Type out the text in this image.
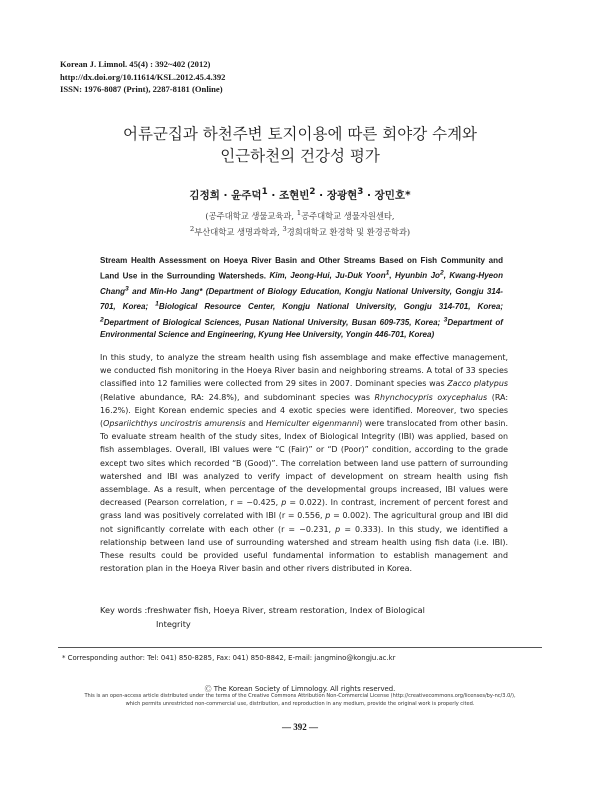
Korean J. Limnol. 45(4) : 392~402 (2012)
http://dx.doi.org/10.11614/KSL.2012.45.4.392
ISSN: 1976-8087 (Print), 2287-8181 (Online)
어류군집과 하천주변 토지이용에 따른 회야강 수계와
인근하천의 건강성 평가
김정희 · 윤주덕$^1$ · 조현빈$^2$ · 장광현$^3$ · 장민호*
(공주대학교 생물교육과, $^1$공주대학교 생물자원센타,
$^2$부산대학교 생명과학과, $^3$경희대학교 환경학 및 환경공학과)
Stream Health Assessment on Hoeya River Basin and Other Streams Based on Fish Community and Land Use in the Surrounding Watersheds. Kim, Jeong-Hui, Ju-Duk Yoon$^1$, Hyunbin Jo$^2$, Kwang-Hyeon Chang$^3$ and Min-Ho Jang* (Department of Biology Education, Kongju National University, Gongju 314-701, Korea; $^1$Biological Resource Center, Kongju National University, Gongju 314-701, Korea; $^2$Department of Biological Sciences, Pusan National University, Busan 609-735, Korea; $^3$Department of Environmental Science and Engineering, Kyung Hee University, Yongin 446-701, Korea)
In this study, to analyze the stream health using fish assemblage and make effective management, we conducted fish monitoring in the Hoeya River basin and neighboring streams. A total of 33 species classified into 12 families were collected from 29 sites in 2007. Dominant species was Zacco platypus (Relative abundance, RA: 24.8%), and subdominant species was Rhynchocypris oxycephalus (RA: 16.2%). Eight Korean endemic species and 4 exotic species were identified. Moreover, two species (Opsariichthys uncirostris amurensis and Hemiculter eigenmanni) were translocated from other basin. To evaluate stream health of the study sites, Index of Biological Integrity (IBI) was applied, based on fish assemblages. Overall, IBI values were “C (Fair)” or “D (Poor)” condition, according to the grade except two sites which recorded “B (Good)”. The correlation between land use pattern of surrounding watershed and IBI was analyzed to verify impact of development on stream health using fish assemblage. As a result, when percentage of the developmental groups increased, IBI values were decreased (Pearson correlation, r = −0.425, p = 0.022). In contrast, increment of percent forest and grass land was positively correlated with IBI (r = 0.556, p = 0.002). The agricultural group and IBI did not significantly correlate with each other (r = −0.231, p = 0.333). In this study, we identified a relationship between land use of surrounding watershed and stream health using fish data (i.e. IBI). These results could be provided useful fundamental information to establish management and restoration plan in the Hoeya River basin and other rivers distributed in Korea.
Key words :freshwater fish, Hoeya River, stream restoration, Index of Biological
Integrity
* Corresponding author: Tel: 041) 850-8285, Fax: 041) 850-8842, E-mail: jangmino@kongju.ac.kr
Ⓒ The Korean Society of Limnology. All rights reserved.
This is an open-access article distributed under the terms of the Creative Commons Attribution Non-Commercial License (http://creativecommons.org/licenses/by-nc/3.0/),
which permits unrestricted non-commercial use, distribution, and reproduction in any medium, provide the original work is properly cited.
— 392 —
